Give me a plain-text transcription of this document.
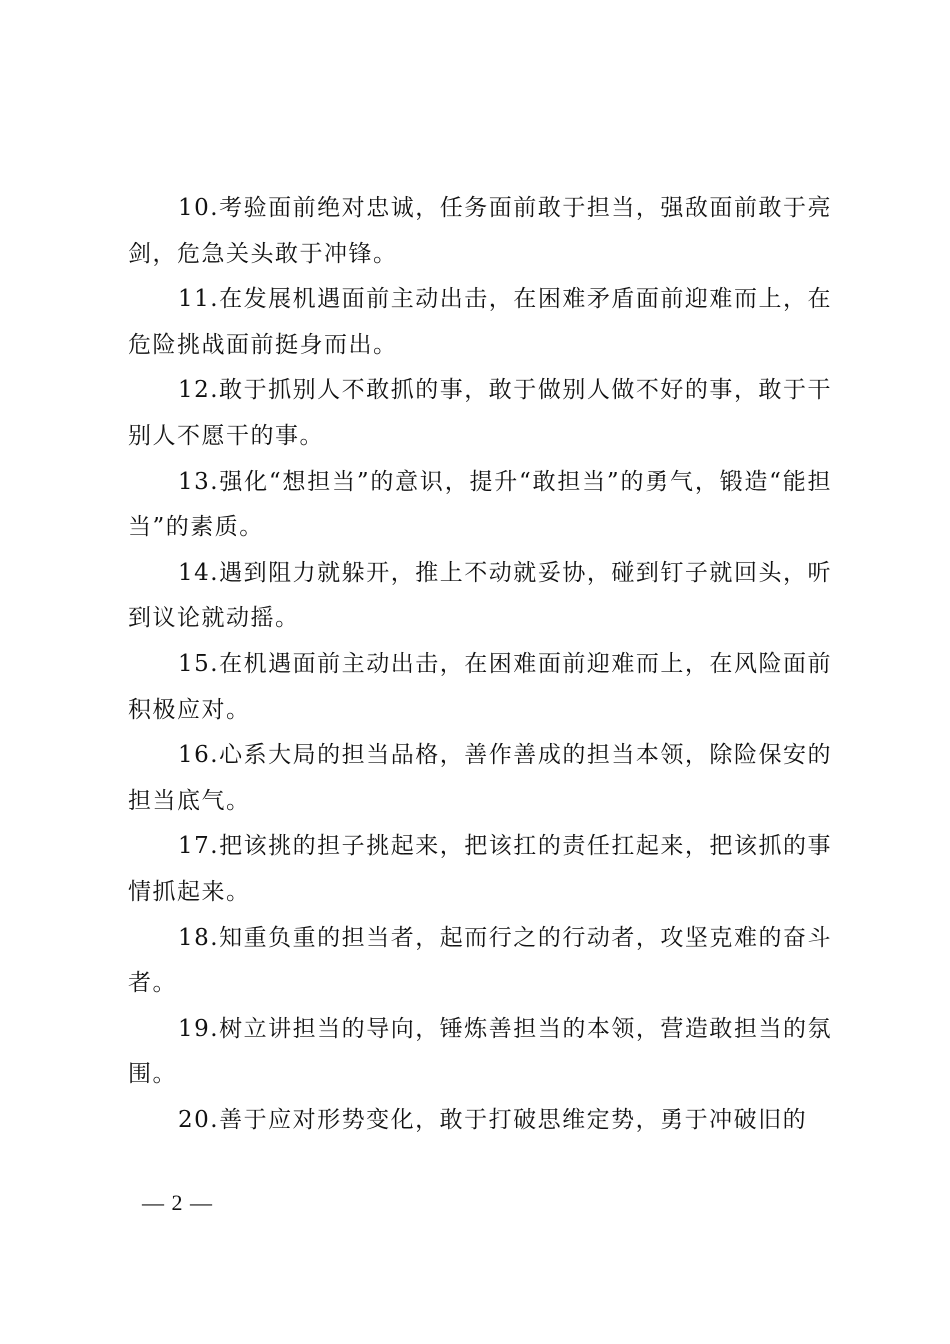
10.考验面前绝对忠诚，任务面前敢于担当，强敌面前敢于亮剑，危急关头敢于冲锋。

11.在发展机遇面前主动出击，在困难矛盾面前迎难而上，在危险挑战面前挺身而出。

12.敢于抓别人不敢抓的事，敢于做别人做不好的事，敢于干别人不愿干的事。

13.强化“想担当”的意识，提升“敢担当”的勇气，锻造“能担当”的素质。

14.遇到阻力就躲开，推上不动就妥协，碰到钉子就回头，听到议论就动摇。

15.在机遇面前主动出击，在困难面前迎难而上，在风险面前积极应对。

16.心系大局的担当品格，善作善成的担当本领，除险保安的担当底气。

17.把该挑的担子挑起来，把该扛的责任扛起来，把该抓的事情抓起来。

18.知重负重的担当者，起而行之的行动者，攻坚克难的奋斗者。

19.树立讲担当的导向，锤炼善担当的本领，营造敢担当的氛围。

20.善于应对形势变化，敢于打破思维定势，勇于冲破旧的

— 2 —
